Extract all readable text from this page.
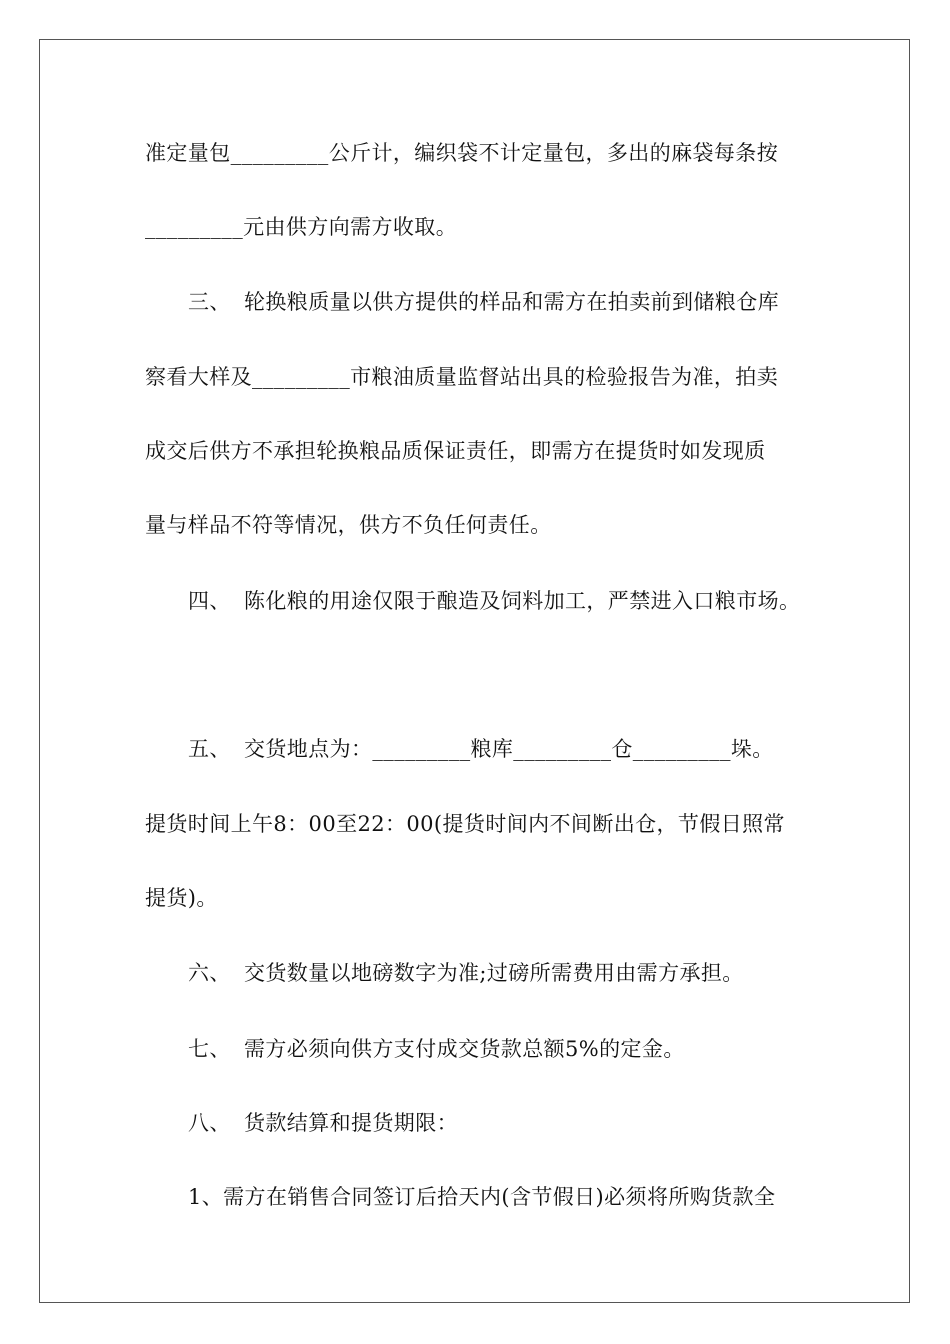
准定量包_________公斤计，编织袋不计定量包，多出的麻袋每条按
_________元由供方向需方收取。
三、 轮换粮质量以供方提供的样品和需方在拍卖前到储粮仓库
察看大样及_________市粮油质量监督站出具的检验报告为准，拍卖
成交后供方不承担轮换粮品质保证责任，即需方在提货时如发现质
量与样品不符等情况，供方不负任何责任。
四、 陈化粮的用途仅限于酿造及饲料加工，严禁进入口粮市场。
五、 交货地点为：_________粮库_________仓_________垛。
提货时间上午8：00至22：00(提货时间内不间断出仓，节假日照常
提货)。
六、 交货数量以地磅数字为准;过磅所需费用由需方承担。
七、 需方必须向供方支付成交货款总额5%的定金。
八、 货款结算和提货期限：
1、需方在销售合同签订后拾天内(含节假日)必须将所购货款全
